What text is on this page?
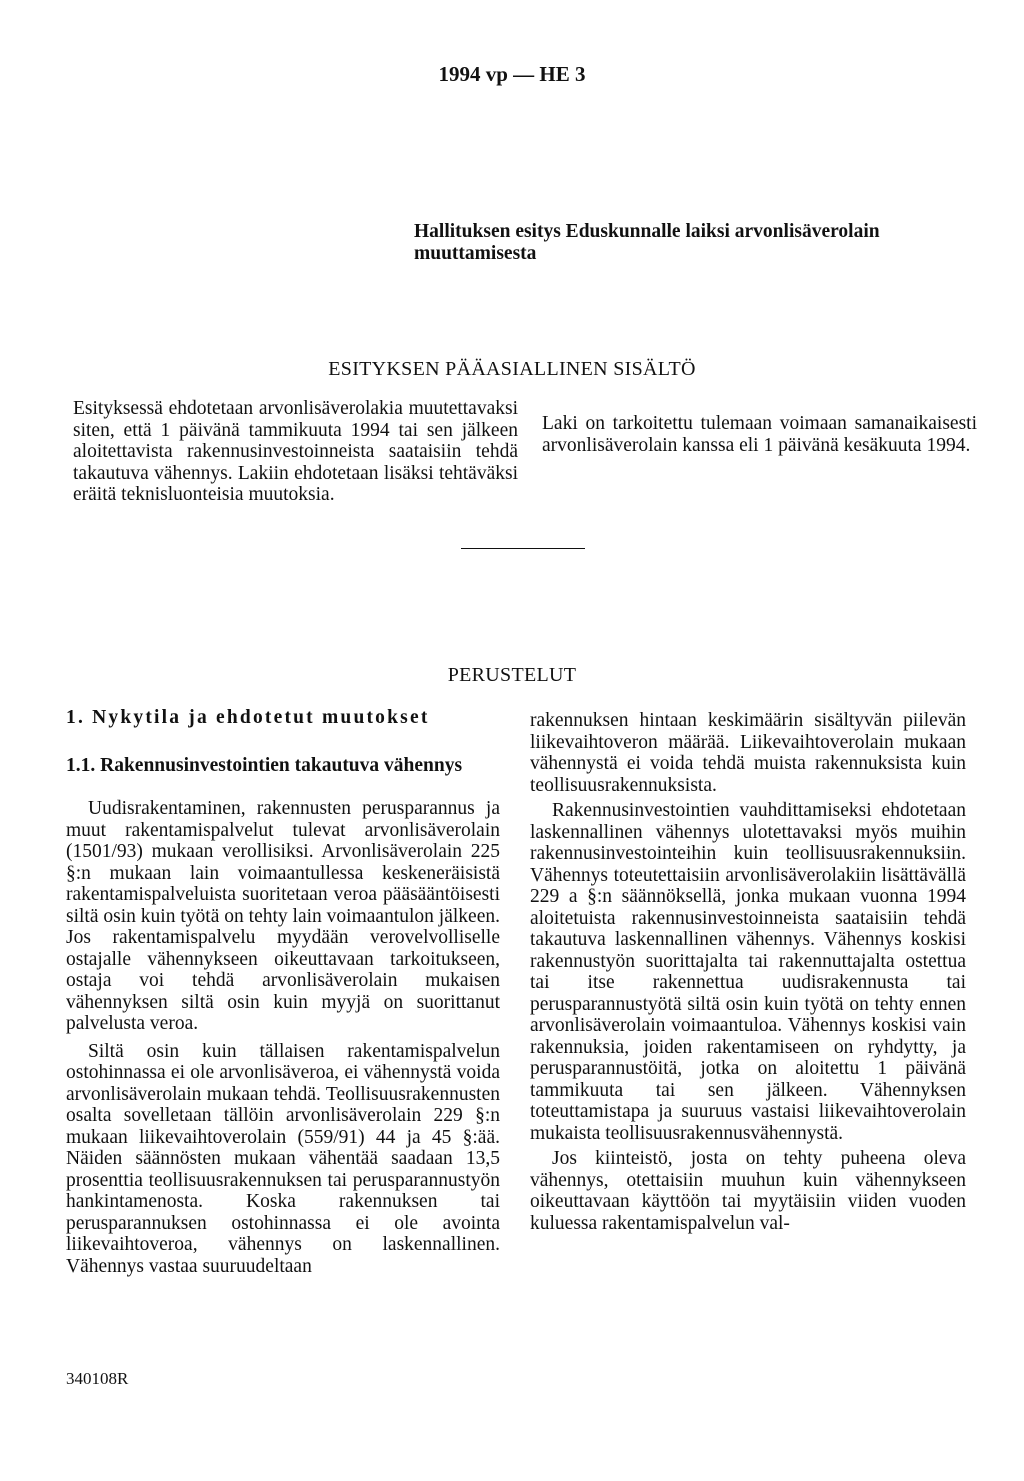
1994 vp — HE 3
Hallituksen esitys Eduskunnalle laiksi arvonlisäverolain muuttamisesta
ESITYKSEN PÄÄASIALLINEN SISÄLTÖ

Esityksessä ehdotetaan arvonlisäverolakia muutettavaksi siten, että 1 päivänä tammikuuta 1994 tai sen jälkeen aloitettavista rakennusinvestoinneista saataisiin tehdä takautuva vähennys. Lakiin ehdotetaan lisäksi tehtäväksi eräitä teknisluonteisia muutoksia.

Laki on tarkoitettu tulemaan voimaan samanaikaisesti arvonlisäverolain kanssa eli 1 päivänä kesäkuuta 1994.

PERUSTELUT
1. Nykytila ja ehdotetut muutokset
1.1. Rakennusinvestointien takautuva vähennys

Uudisrakentaminen, rakennusten perusparannus ja muut rakentamispalvelut tulevat arvonlisäverolain (1501/93) mukaan verollisiksi. Arvonlisäverolain 225 §:n mukaan lain voimaantullessa keskeneräisistä rakentamispalveluista suoritetaan veroa pääsääntöisesti siltä osin kuin työtä on tehty lain voimaantulon jälkeen. Jos rakentamispalvelu myydään verovelvolliselle ostajalle vähennykseen oikeuttavaan tarkoitukseen, ostaja voi tehdä arvonlisäverolain mukaisen vähennyksen siltä osin kuin myyjä on suorittanut palvelusta veroa.

Siltä osin kuin tällaisen rakentamispalvelun ostohinnassa ei ole arvonlisäveroa, ei vähennystä voida arvonlisäverolain mukaan tehdä. Teollisuusrakennusten osalta sovelletaan tällöin arvonlisäverolain 229 §:n mukaan liikevaihtoverolain (559/91) 44 ja 45 §:ää. Näiden säännösten mukaan vähentää saadaan 13,5 prosenttia teollisuusrakennuksen tai perusparannustyön hankintamenosta. Koska rakennuksen tai perusparannuksen ostohinnassa ei ole avointa liikevaihtoveroa, vähennys on laskennallinen. Vähennys vastaa suuruudeltaan

rakennuksen hintaan keskimäärin sisältyvän piilevän liikevaihtoveron määrää. Liikevaihtoverolain mukaan vähennystä ei voida tehdä muista rakennuksista kuin teollisuusrakennuksista.

Rakennusinvestointien vauhdittamiseksi ehdotetaan laskennallinen vähennys ulotettavaksi myös muihin rakennusinvestointeihin kuin teollisuusrakennuksiin. Vähennys toteutettaisiin arvonlisäverolakiin lisättävällä 229 a §:n säännöksellä, jonka mukaan vuonna 1994 aloitetuista rakennusinvestoinneista saataisiin tehdä takautuva laskennallinen vähennys. Vähennys koskisi rakennustyön suorittajalta tai rakennuttajalta ostettua tai itse rakennettua uudisrakennusta tai perusparannustyötä siltä osin kuin työtä on tehty ennen arvonlisäverolain voimaantuloa. Vähennys koskisi vain rakennuksia, joiden rakentamiseen on ryhdytty, ja perusparannustöitä, jotka on aloitettu 1 päivänä tammikuuta tai sen jälkeen. Vähennyksen toteuttamistapa ja suuruus vastaisi liikevaihtoverolain mukaista teollisuusrakennusvähennystä.

Jos kiinteistö, josta on tehty puheena oleva vähennys, otettaisiin muuhun kuin vähennykseen oikeuttavaan käyttöön tai myytäisiin viiden vuoden kuluessa rakentamispalvelun val-

340108R
